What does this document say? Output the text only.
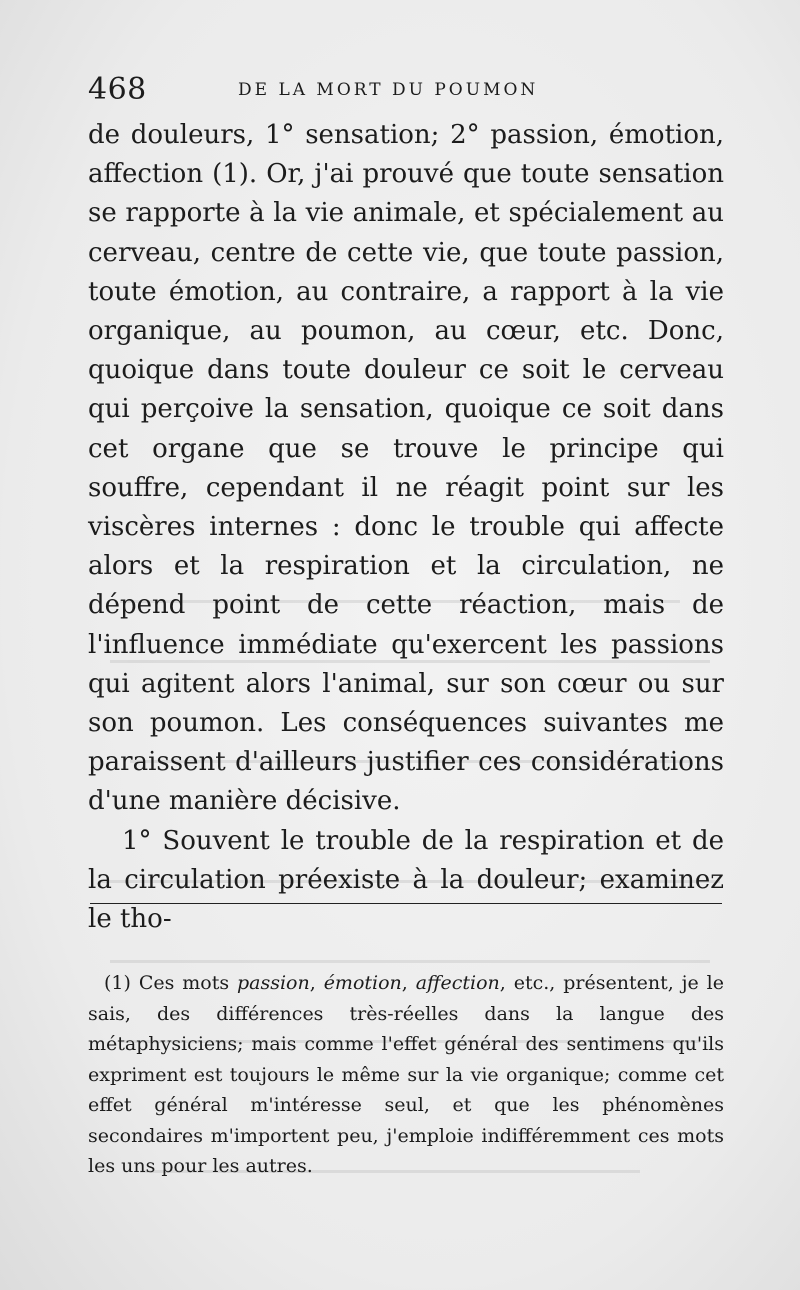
468	DE LA MORT DU POUMON

de douleurs, 1° sensation; 2° passion, émotion, affection (1). Or, j'ai prouvé que toute sensation se rapporte à la vie animale, et spécialement au cerveau, centre de cette vie, que toute passion, toute émotion, au contraire, a rapport à la vie organique, au poumon, au cœur, etc. Donc, quoique dans toute douleur ce soit le cerveau qui perçoive la sensation, quoique ce soit dans cet organe que se trouve le principe qui souffre, cependant il ne réagit point sur les viscères internes : donc le trouble qui affecte alors et la respiration et la circulation, ne dépend point de cette réaction, mais de l'influence immédiate qu'exercent les passions qui agitent alors l'animal, sur son cœur ou sur son poumon. Les conséquences suivantes me paraissent d'ailleurs justifier ces considérations d'une manière décisive.

1° Souvent le trouble de la respiration et de la circulation préexiste à la douleur; examinez le tho-

(1) Ces mots passion, émotion, affection, etc., présentent, je le sais, des différences très-réelles dans la langue des métaphysiciens; mais comme l'effet général des sentimens qu'ils expriment est toujours le même sur la vie organique; comme cet effet général m'intéresse seul, et que les phénomènes secondaires m'importent peu, j'emploie indifféremment ces mots les uns pour les autres.
